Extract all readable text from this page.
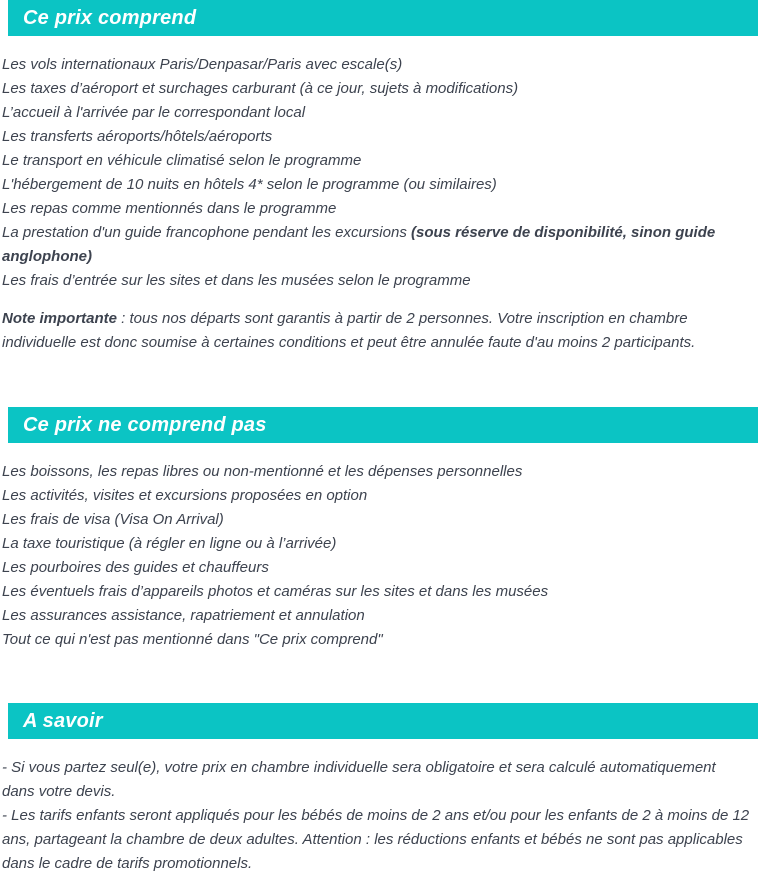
Ce prix comprend

Les vols internationaux Paris/Denpasar/Paris avec escale(s)

Les taxes d’aéroport et surchages carburant (à ce jour, sujets à modifications)

L’accueil à l'arrivée par le correspondant local

Les transferts aéroports/hôtels/aéroports

Le transport en véhicule climatisé selon le programme

L'hébergement de 10 nuits en hôtels 4* selon le programme (ou similaires)

Les repas comme mentionnés dans le programme

La prestation d'un guide francophone pendant les excursions (sous réserve de disponibilité, sinon guide anglophone)

Les frais d’entrée sur les sites et dans les musées selon le programme

Note importante : tous nos départs sont garantis à partir de 2 personnes. Votre inscription en chambre individuelle est donc soumise à certaines conditions et peut être annulée faute d'au moins 2 participants.

Ce prix ne comprend pas

Les boissons, les repas libres ou non-mentionné et les dépenses personnelles

Les activités, visites et excursions proposées en option

Les frais de visa (Visa On Arrival)

La taxe touristique (à régler en ligne ou à l’arrivée)

Les pourboires des guides et chauffeurs

Les éventuels frais d’appareils photos et caméras sur les sites et dans les musées

Les assurances assistance, rapatriement et annulation

Tout ce qui n'est pas mentionné dans "Ce prix comprend"

A savoir

- Si vous partez seul(e), votre prix en chambre individuelle sera obligatoire et sera calculé automatiquement dans votre devis.

- Les tarifs enfants seront appliqués pour les bébés de moins de 2 ans et/ou pour les enfants de 2 à moins de 12 ans, partageant la chambre de deux adultes. Attention : les réductions enfants et bébés ne sont pas applicables dans le cadre de tarifs promotionnels.
